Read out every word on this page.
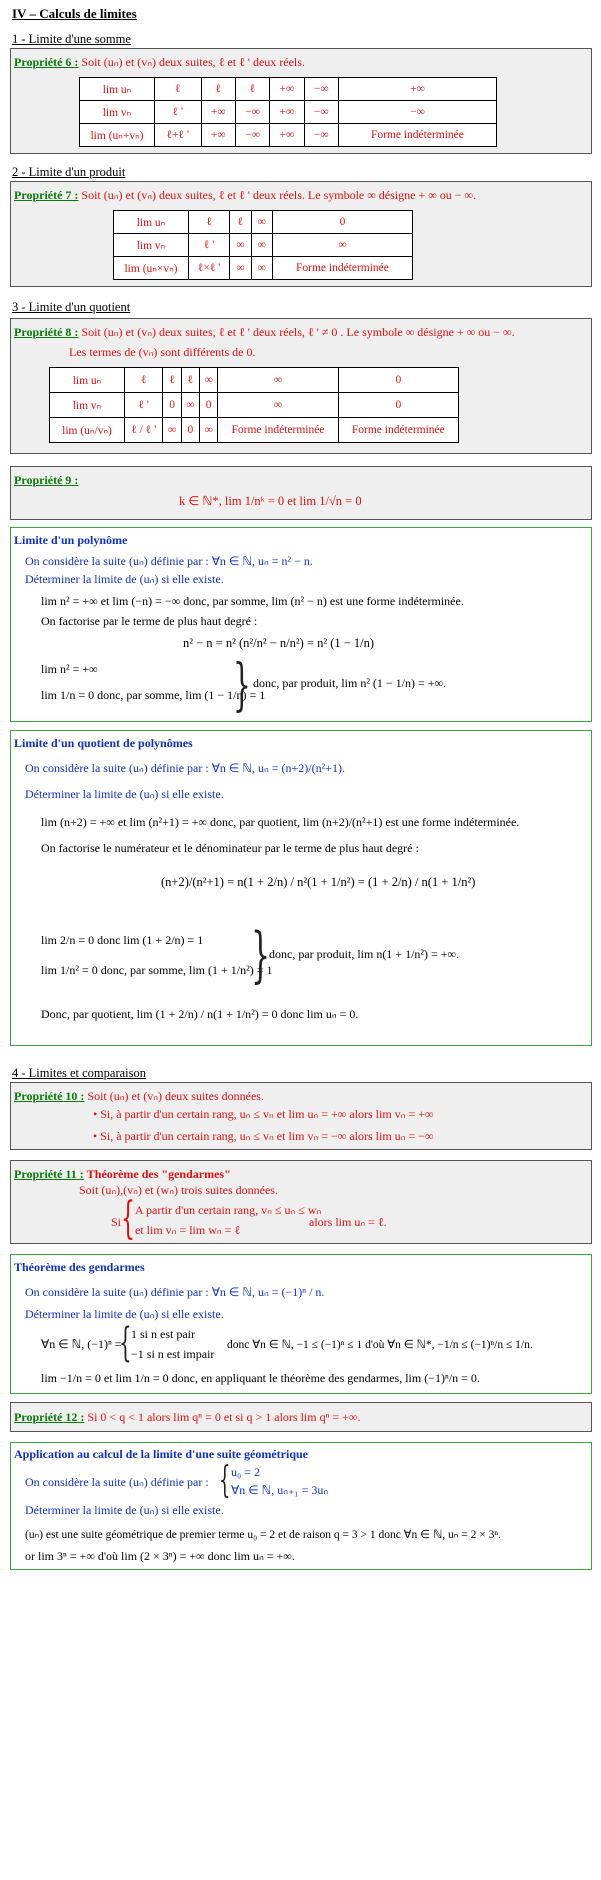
IV – Calculs de limites
1 - Limite d'une somme
Propriété 6 : Soit (uₙ) et (vₙ) deux suites, ℓ et ℓ ' deux réels.
lim uₙ	ℓ	ℓ	ℓ	+∞	−∞	+∞
lim vₙ	ℓ '	+∞	−∞	+∞	−∞	−∞
lim (uₙ+vₙ)	ℓ+ℓ '	+∞	−∞	+∞	−∞	Forme indéterminée
2 - Limite d'un produit
Propriété 7 : Soit (uₙ) et (vₙ) deux suites, ℓ et ℓ ' deux réels. Le symbole ∞ désigne + ∞ ou − ∞.
lim uₙ	ℓ	ℓ	∞	0
lim vₙ	ℓ '	∞	∞	∞
lim (uₙ×vₙ)	ℓ×ℓ '	∞	∞	Forme indéterminée
3 - Limite d'un quotient
Propriété 8 : Soit (uₙ) et (vₙ) deux suites, ℓ et ℓ ' deux réels, ℓ ' ≠ 0 . Le symbole ∞ désigne + ∞ ou − ∞.
Les termes de (vₙ) sont différents de 0.
lim uₙ	ℓ	ℓ	ℓ	∞	∞	0
lim vₙ	ℓ '	0	∞	0	∞	0
lim (uₙ/vₙ)	ℓ / ℓ '	∞	0	∞	Forme indéterminée	Forme indéterminée
Propriété 9 :
k ∈ ℕ*, lim 1/nᵏ = 0 et lim 1/√n = 0
Limite d'un polynôme
On considère la suite (uₙ) définie par : ∀n ∈ ℕ, uₙ = n² − n.
Déterminer la limite de (uₙ) si elle existe.
lim n² = +∞ et lim (−n) = −∞ donc, par somme, lim (n² − n) est une forme indéterminée.
On factorise par le terme de plus haut degré :
n² − n = n² (n²/n² − n/n²) = n² (1 − 1/n)
lim n² = +∞
lim 1/n = 0 donc, par somme, lim (1 − 1/n) = 1
} donc, par produit, lim n² (1 − 1/n) = +∞.
Limite d'un quotient de polynômes
On considère la suite (uₙ) définie par : ∀n ∈ ℕ, uₙ = (n+2)/(n²+1).
Déterminer la limite de (uₙ) si elle existe.
lim (n+2) = +∞ et lim (n²+1) = +∞ donc, par quotient, lim (n+2)/(n²+1) est une forme indéterminée.
On factorise le numérateur et le dénominateur par le terme de plus haut degré :
(n+2)/(n²+1) = n(1 + 2/n) / n²(1 + 1/n²) = (1 + 2/n) / n(1 + 1/n²)
lim 2/n = 0 donc lim (1 + 2/n) = 1
lim 1/n² = 0 donc, par somme, lim (1 + 1/n²) = 1
}
donc, par produit, lim n(1 + 1/n²) = +∞.
Donc, par quotient, lim (1 + 2/n) / n(1 + 1/n²) = 0 donc lim uₙ = 0.
4 - Limites et comparaison
Propriété 10 : Soit (uₙ) et (vₙ) deux suites données.
• Si, à partir d'un certain rang, uₙ ≤ vₙ et lim uₙ = +∞ alors lim vₙ = +∞
• Si, à partir d'un certain rang, uₙ ≤ vₙ et lim vₙ = −∞ alors lim uₙ = −∞
Propriété 11 : Théorème des "gendarmes"
Soit (uₙ),(vₙ) et (wₙ) trois suites données.
Si { A partir d'un certain rang, vₙ ≤ uₙ ≤ wₙ
et lim vₙ = lim wₙ = ℓ
alors lim uₙ = ℓ.
Théorème des gendarmes
On considère la suite (uₙ) définie par : ∀n ∈ ℕ, uₙ = (−1)ⁿ / n.
Déterminer la limite de (uₙ) si elle existe.
∀n ∈ ℕ, (−1)ⁿ =
{ 1 si n est pair
−1 si n est impair
donc ∀n ∈ ℕ, −1 ≤ (−1)ⁿ ≤ 1 d'où ∀n ∈ ℕ*, −1/n ≤ (−1)ⁿ/n ≤ 1/n.
lim −1/n = 0 et lim 1/n = 0 donc, en appliquant le théorème des gendarmes, lim (−1)ⁿ/n = 0.
Propriété 12 : Si 0 < q < 1 alors lim qⁿ = 0 et si q > 1 alors lim qⁿ = +∞.
Application au calcul de la limite d'une suite géométrique
On considère la suite (uₙ) définie par : { u₀ = 2
∀n ∈ ℕ, uₙ₊₁ = 3uₙ
Déterminer la limite de (uₙ) si elle existe.
(uₙ) est une suite géométrique de premier terme u₀ = 2 et de raison q = 3 > 1 donc ∀n ∈ ℕ, uₙ = 2 × 3ⁿ.
or lim 3ⁿ = +∞ d'où lim (2 × 3ⁿ) = +∞ donc lim uₙ = +∞.
